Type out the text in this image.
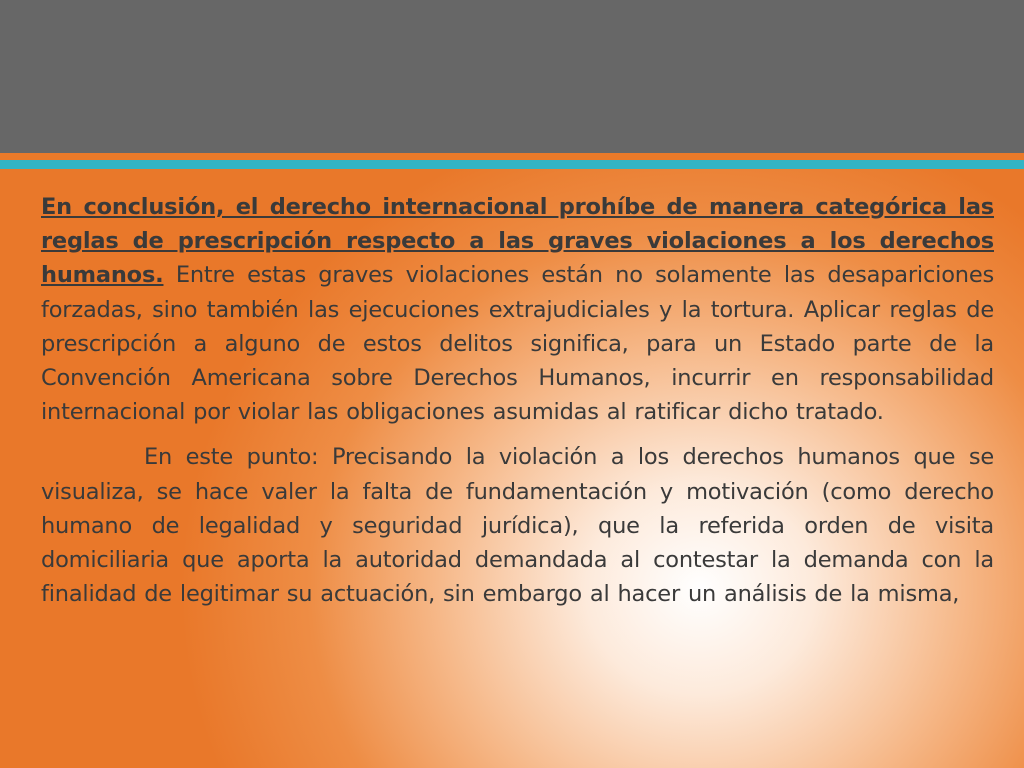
En conclusión, el derecho internacional prohíbe de manera categórica las reglas de prescripción respecto a las graves violaciones a los derechos humanos. Entre estas graves violaciones están no solamente las desapariciones forzadas, sino también las ejecuciones extrajudiciales y la tortura. Aplicar reglas de prescripción a alguno de estos delitos significa, para un Estado parte de la Convención Americana sobre Derechos Humanos, incurrir en responsabilidad internacional por violar las obligaciones asumidas al ratificar dicho tratado.

En este punto: Precisando la violación a los derechos humanos que se visualiza, se hace valer la falta de fundamentación y motivación (como derecho humano de legalidad y seguridad jurídica), que la referida orden de visita domiciliaria que aporta la autoridad demandada al contestar la demanda con la finalidad de legitimar su actuación, sin embargo al hacer un análisis de la misma,
